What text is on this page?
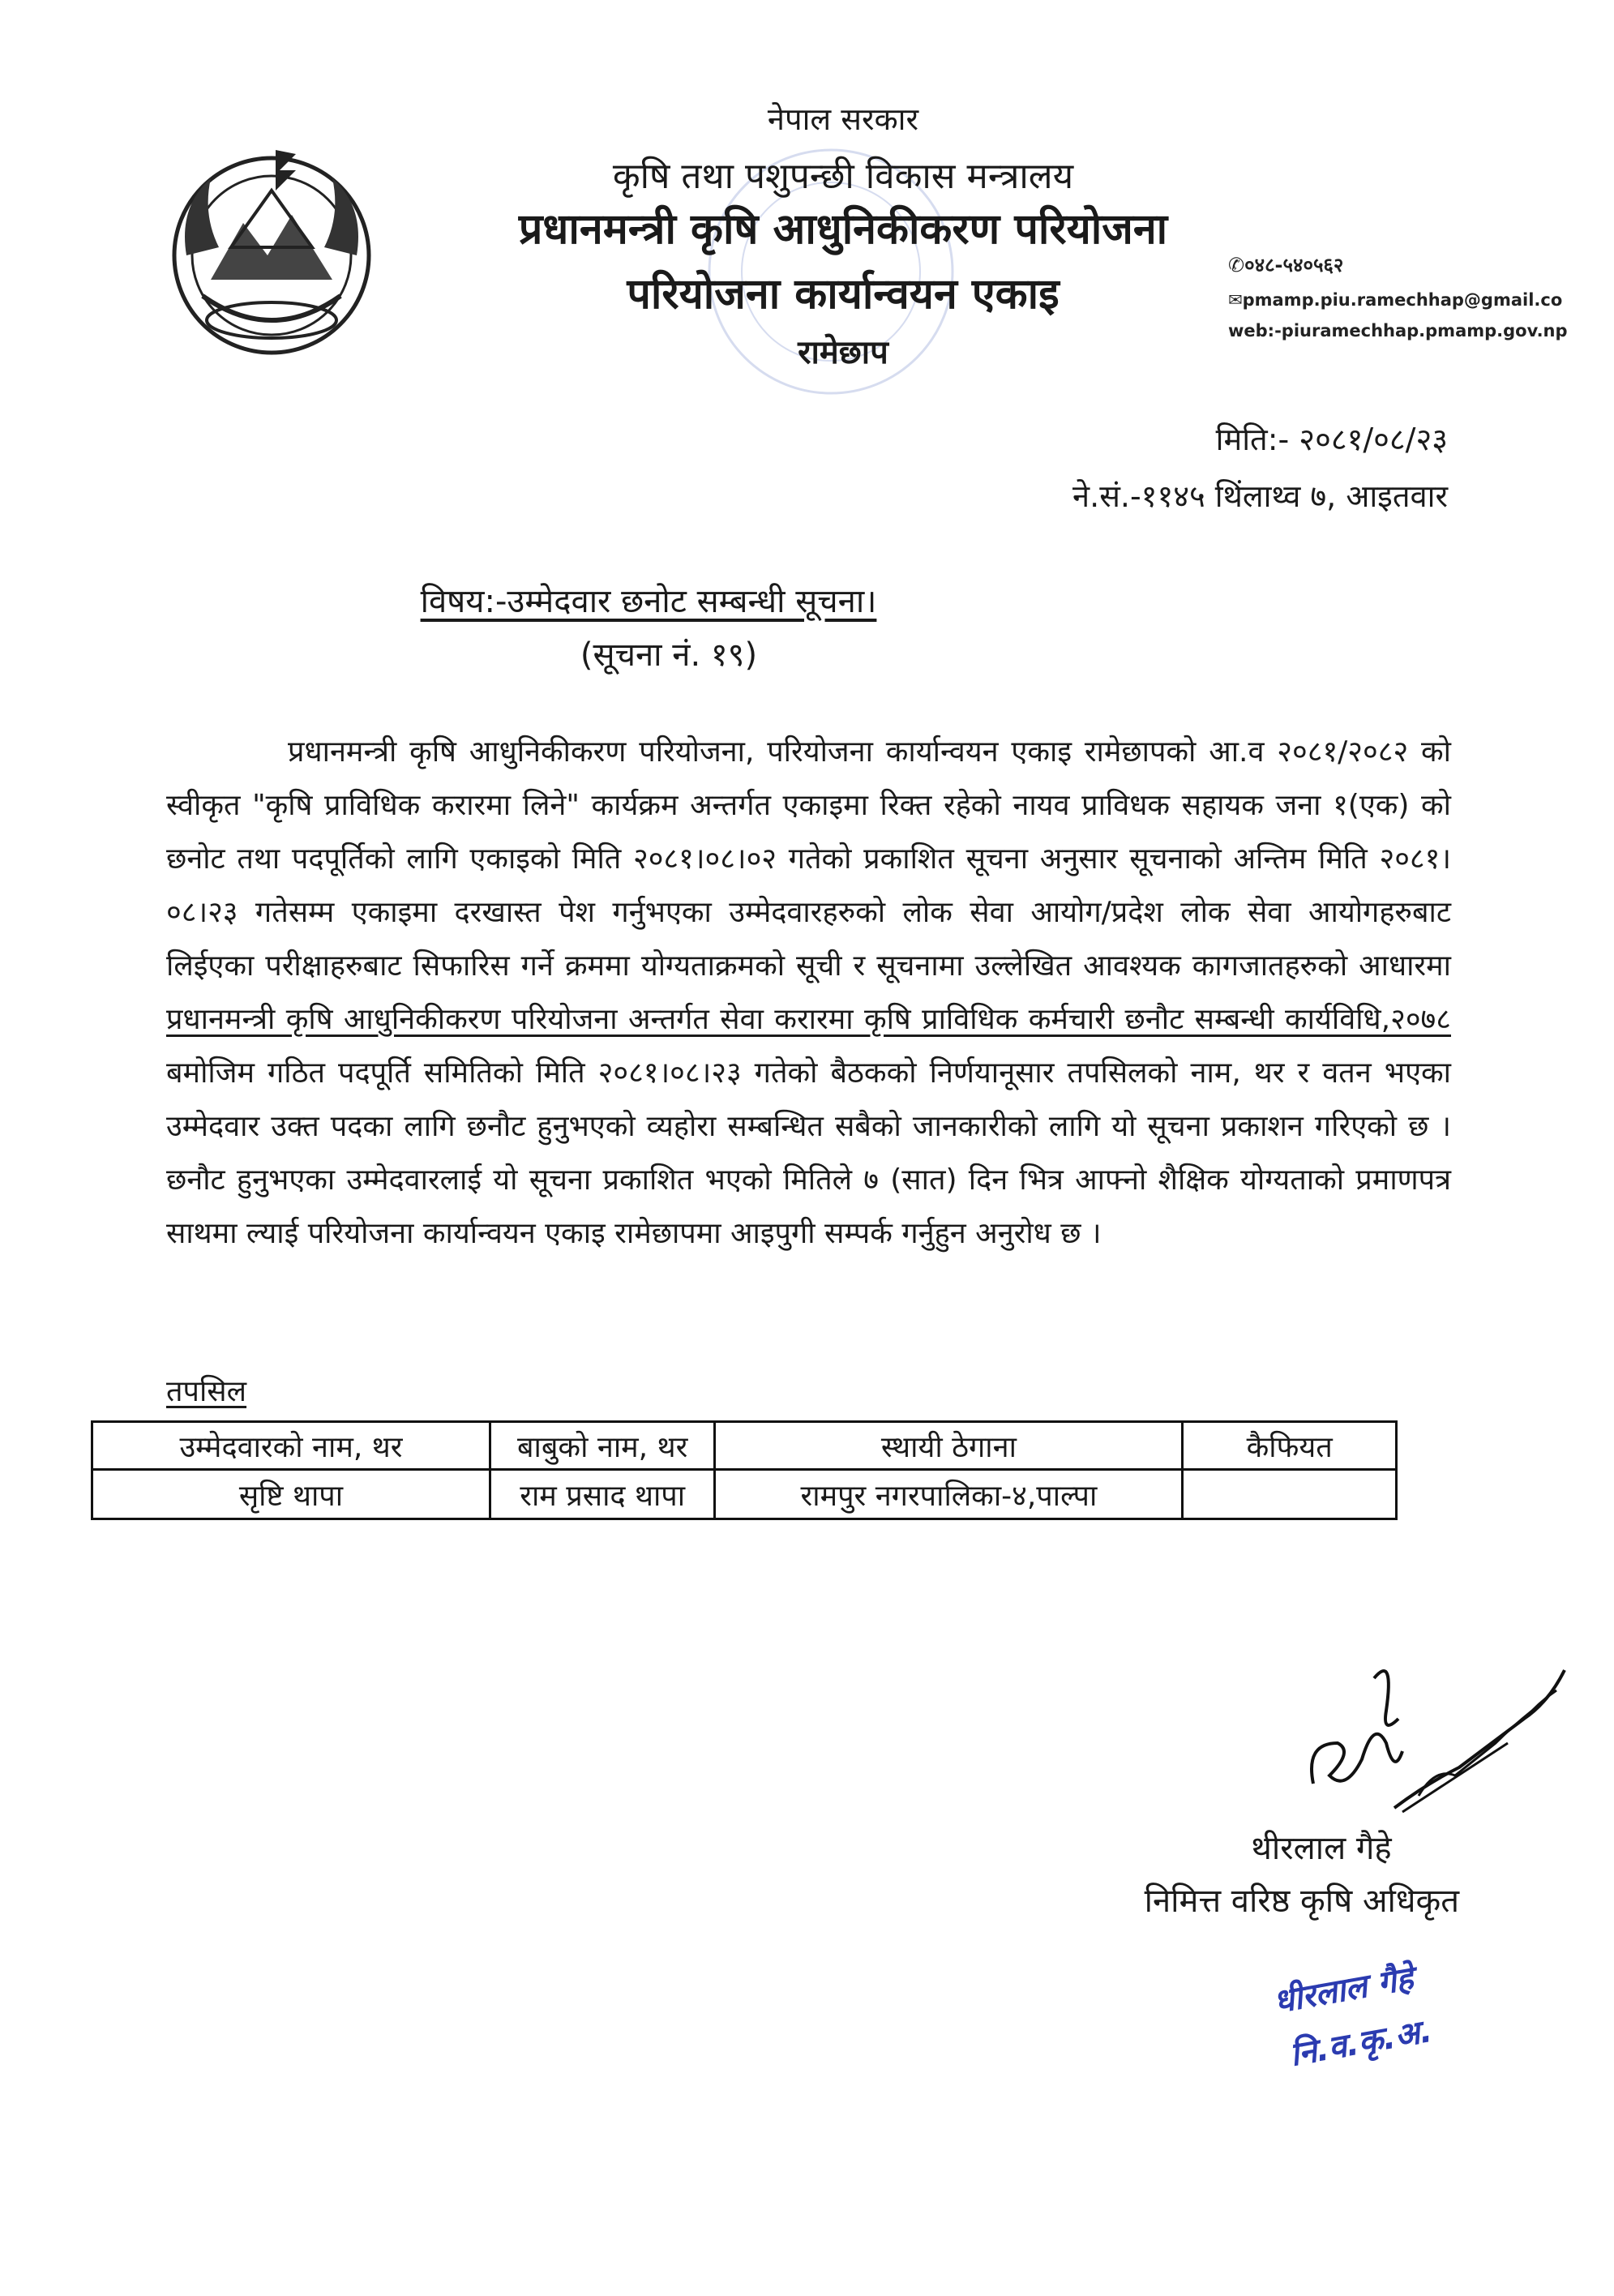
नेपाल सरकार
कृषि तथा पशुपन्छी विकास मन्त्रालय
प्रधानमन्त्री कृषि आधुनिकीकरण परियोजना
परियोजना कार्यान्वयन एकाइ
रामेछाप
✆०४८-५४०५६२
✉pmamp.piu.ramechhap@gmail.co
web:-piuramechhap.pmamp.gov.np
मिति:- २०८१/०८/२३
ने.सं.-११४५ थिंलाथ्व ७, आइतवार
विषय:-उम्मेदवार छनोट सम्बन्धी सूचना।
(सूचना नं. १९)
प्रधानमन्त्री कृषि आधुनिकीकरण परियोजना, परियोजना कार्यान्वयन एकाइ रामेछापको आ.व २०८१/२०८२ को स्वीकृत "कृषि प्राविधिक करारमा लिने" कार्यक्रम अन्तर्गत एकाइमा रिक्त रहेको नायव प्राविधक सहायक जना १(एक) को छनोट तथा पदपूर्तिको लागि एकाइको मिति २०८१।०८।०२ गतेको प्रकाशित सूचना अनुसार सूचनाको अन्तिम मिति २०८१।०८।२३ गतेसम्म एकाइमा दरखास्त पेश गर्नुभएका उम्मेदवारहरुको लोक सेवा आयोग/प्रदेश लोक सेवा आयोगहरुबाट लिईएका परीक्षाहरुबाट सिफारिस गर्ने क्रममा योग्यताक्रमको सूची र सूचनामा उल्लेखित आवश्यक कागजातहरुको आधारमा प्रधानमन्त्री कृषि आधुनिकीकरण परियोजना अन्तर्गत सेवा करारमा कृषि प्राविधिक कर्मचारी छनौट सम्बन्धी कार्यविधि,२०७८ बमोजिम गठित पदपूर्ति समितिको मिति २०८१।०८।२३ गतेको बैठकको निर्णयानूसार तपसिलको नाम, थर र वतन भएका उम्मेदवार उक्त पदका लागि छनौट हुनुभएको व्यहोरा सम्बन्धित सबैको जानकारीको लागि यो सूचना प्रकाशन गरिएको छ । छनौट हुनुभएका उम्मेदवारलाई यो सूचना प्रकाशित भएको मितिले ७ (सात) दिन भित्र आफ्नो शैक्षिक योग्यताको प्रमाणपत्र साथमा ल्याई परियोजना कार्यान्वयन एकाइ रामेछापमा आइपुगी सम्पर्क गर्नुहुन अनुरोध छ ।
तपसिल
उम्मेदवारको नाम, थर	बाबुको नाम, थर	स्थायी ठेगाना	कैफियत
सृष्टि थापा	राम प्रसाद थापा	रामपुर नगरपालिका-४,पाल्पा	
थीरलाल गैहे
निमित्त वरिष्ठ कृषि अधिकृत
धीरलाल गैहे
नि.व.कृ.अ.
